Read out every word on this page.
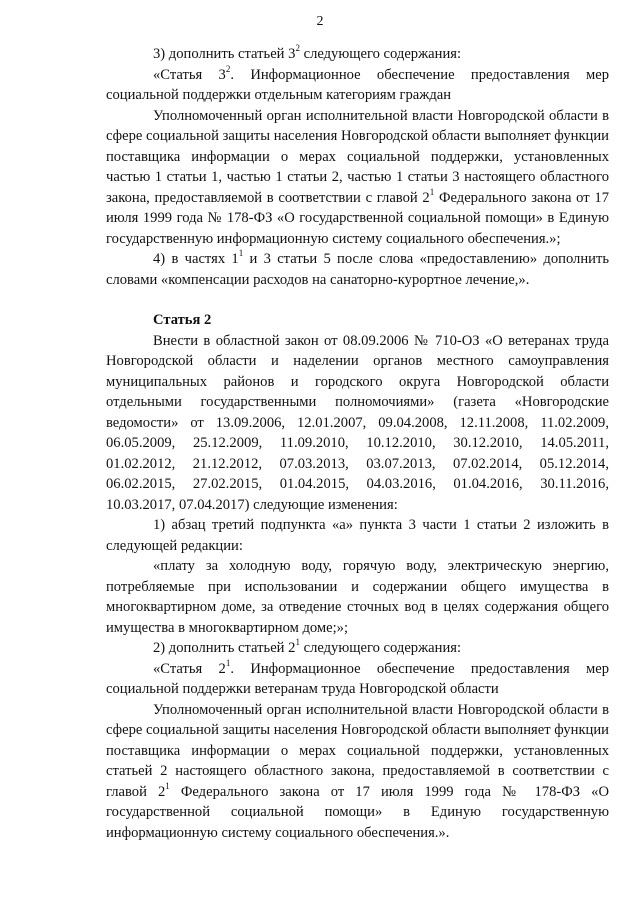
2

3) дополнить статьей $3^2$ следующего содержания:

«Статья $3^2$. Информационное обеспечение предоставления мер социальной поддержки отдельным категориям граждан

Уполномоченный орган исполнительной власти Новгородской области в сфере социальной защиты населения Новгородской области выполняет функции поставщика информации о мерах социальной поддержки, установленных частью 1 статьи 1, частью 1 статьи 2, частью 1 статьи 3 настоящего областного закона, предоставляемой в соответствии с главой $2^1$ Федерального закона от 17 июля 1999 года № 178-ФЗ «О государственной социальной помощи» в Единую государственную информационную систему социального обеспечения.»;

4) в частях $1^1$ и 3 статьи 5 после слова «предоставлению» дополнить словами «компенсации расходов на санаторно-курортное лечение,».

Статья 2

Внести в областной закон от 08.09.2006 № 710-ОЗ «О ветеранах труда Новгородской области и наделении органов местного самоуправления муниципальных районов и городского округа Новгородской области отдельными государственными полномочиями» (газета «Новгородские ведомости» от 13.09.2006, 12.01.2007, 09.04.2008, 12.11.2008, 11.02.2009, 06.05.2009, 25.12.2009, 11.09.2010, 10.12.2010, 30.12.2010, 14.05.2011, 01.02.2012, 21.12.2012, 07.03.2013, 03.07.2013, 07.02.2014, 05.12.2014, 06.02.2015, 27.02.2015, 01.04.2015, 04.03.2016, 01.04.2016, 30.11.2016, 10.03.2017, 07.04.2017) следующие изменения:

1) абзац третий подпункта «а» пункта 3 части 1 статьи 2 изложить в следующей редакции:

«плату за холодную воду, горячую воду, электрическую энергию, потребляемые при использовании и содержании общего имущества в многоквартирном доме, за отведение сточных вод в целях содержания общего имущества в многоквартирном доме;»;

2) дополнить статьей $2^1$ следующего содержания:

«Статья $2^1$. Информационное обеспечение предоставления мер социальной поддержки ветеранам труда Новгородской области

Уполномоченный орган исполнительной власти Новгородской области в сфере социальной защиты населения Новгородской области выполняет функции поставщика информации о мерах социальной поддержки, установленных статьей 2 настоящего областного закона, предоставляемой в соответствии с главой $2^1$ Федерального закона от 17 июля 1999 года № 178-ФЗ «О государственной социальной помощи» в Единую государственную информационную систему социального обеспечения.».
